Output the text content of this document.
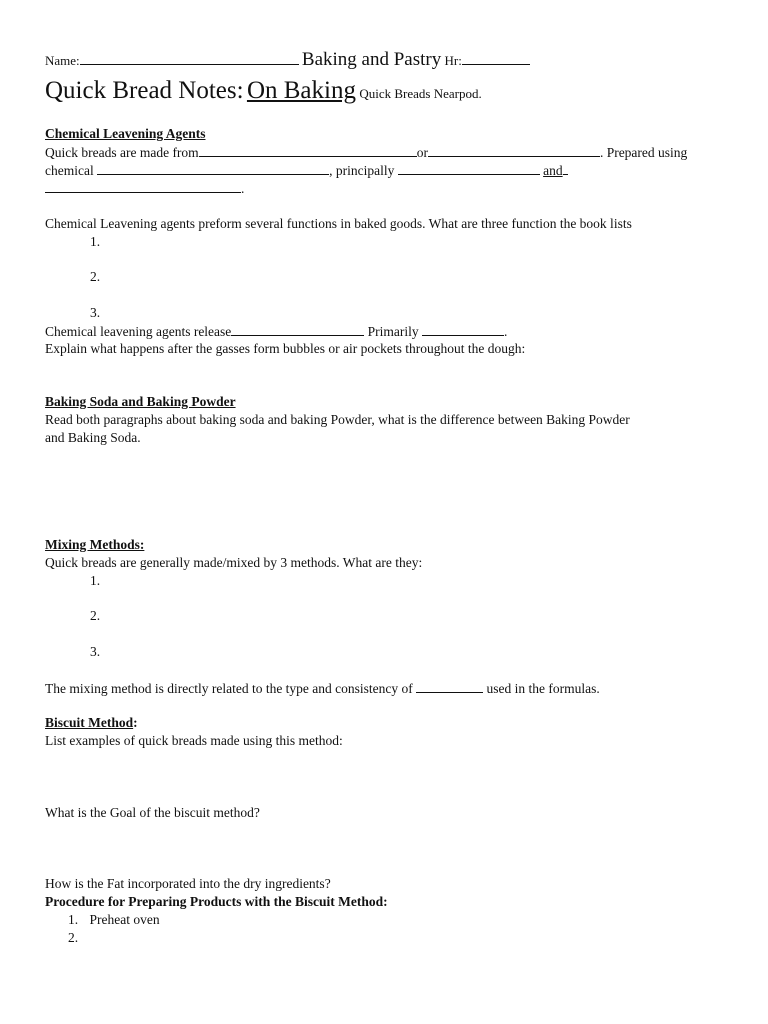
Name:	Baking and Pastry Hr:
Quick Bread Notes: On Baking Quick Breads Nearpod.
Chemical Leavening Agents
Quick breads are made from	or	. Prepared using
chemical	, principally	and
.
Chemical Leavening agents preform several functions in baked goods. What are three function the book lists
1.
2.
3.
Chemical leavening agents release	Primarily	.
Explain what happens after the gasses form bubbles or air pockets throughout the dough:
Baking Soda and Baking Powder
Read both paragraphs about baking soda and baking Powder, what is the difference between Baking Powder
and Baking Soda.
Mixing Methods:
Quick breads are generally made/mixed by 3 methods. What are they:
1.
2.
3.
The mixing method is directly related to the type and consistency of	used in the formulas.
Biscuit Method:
List examples of quick breads made using this method:
What is the Goal of the biscuit method?
How is the Fat incorporated into the dry ingredients?
Procedure for Preparing Products with the Biscuit Method:
1. Preheat oven
2.
